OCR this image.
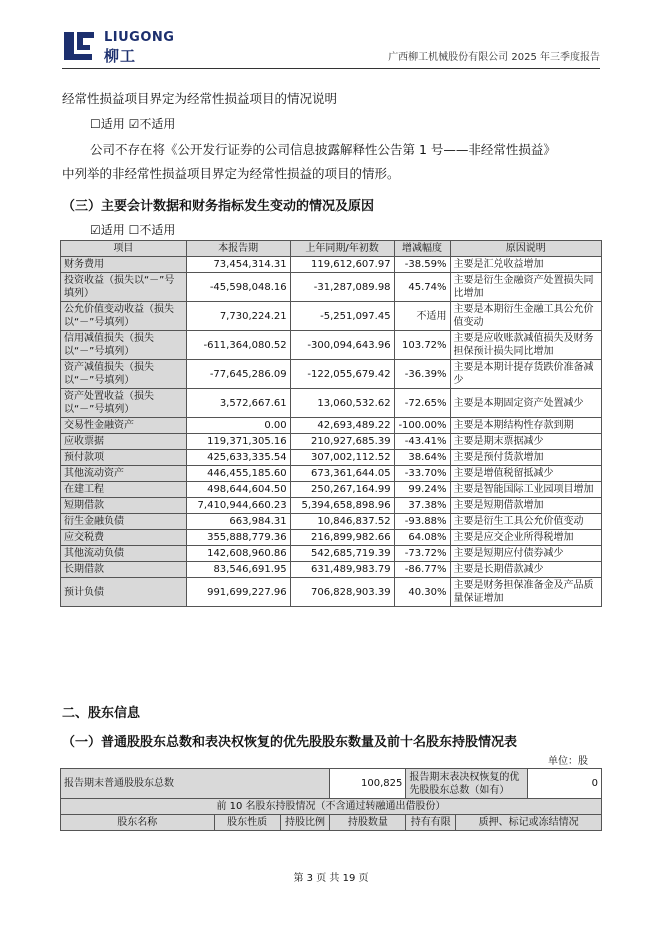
LIUGONG
柳工	广西柳工机械股份有限公司 2025 年三季度报告
经常性损益项目界定为经常性损益项目的情况说明
☐适用 ☑不适用
公司不存在将《公开发行证券的公司信息披露解释性公告第 1 号——非经常性损益》
中列举的非经常性损益项目界定为经常性损益的项目的情形。
（三）主要会计数据和财务指标发生变动的情况及原因
☑适用 ☐不适用
项目	本报告期	上年同期/年初数	增减幅度	原因说明
财务费用	73,454,314.31	119,612,607.97	-38.59%	主要是汇兑收益增加
投资收益（损失以“－”号填列）	-45,598,048.16	-31,287,089.98	45.74%	主要是衍生金融资产处置损失同比增加
公允价值变动收益（损失以“－”号填列）	7,730,224.21	-5,251,097.45	不适用	主要是本期衍生金融工具公允价值变动
信用减值损失（损失以“－”号填列）	-611,364,080.52	-300,094,643.96	103.72%	主要是应收账款减值损失及财务担保预计损失同比增加
资产减值损失（损失以“－”号填列）	-77,645,286.09	-122,055,679.42	-36.39%	主要是本期计提存货跌价准备减少
资产处置收益（损失以“－”号填列）	3,572,667.61	13,060,532.62	-72.65%	主要是本期固定资产处置减少
交易性金融资产	0.00	42,693,489.22	-100.00%	主要是本期结构性存款到期
应收票据	119,371,305.16	210,927,685.39	-43.41%	主要是期末票据减少
预付款项	425,633,335.54	307,002,112.52	38.64%	主要是预付货款增加
其他流动资产	446,455,185.60	673,361,644.05	-33.70%	主要是增值税留抵减少
在建工程	498,644,604.50	250,267,164.99	99.24%	主要是智能国际工业园项目增加
短期借款	7,410,944,660.23	5,394,658,898.96	37.38%	主要是短期借款增加
衍生金融负债	663,984.31	10,846,837.52	-93.88%	主要是衍生工具公允价值变动
应交税费	355,888,779.36	216,899,982.66	64.08%	主要是应交企业所得税增加
其他流动负债	142,608,960.86	542,685,719.39	-73.72%	主要是短期应付债券减少
长期借款	83,546,691.95	631,489,983.79	-86.77%	主要是长期借款减少
预计负债	991,699,227.96	706,828,903.39	40.30%	主要是财务担保准备金及产品质量保证增加
二、股东信息
（一）普通股股东总数和表决权恢复的优先股股东数量及前十名股东持股情况表
单位：股
报告期末普通股股东总数			100,825	报告期末表决权恢复的优先股股东总数（如有）		0
前 10 名股东持股情况（不含通过转融通出借股份）						
股东名称	股东性质	持股比例	持股数量	持有有限	质押、标记或冻结情况	
第 3 页 共 19 页
